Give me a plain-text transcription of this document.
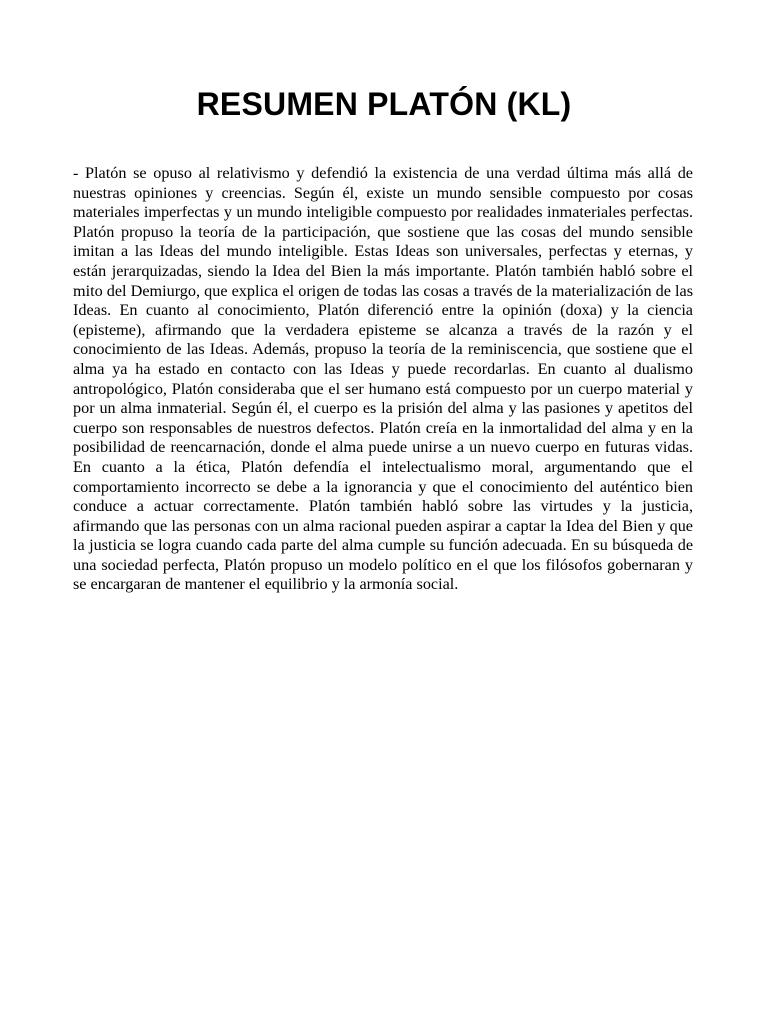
RESUMEN PLATÓN (KL)

- Platón se opuso al relativismo y defendió la existencia de una verdad última más allá de nuestras opiniones y creencias. Según él, existe un mundo sensible compuesto por cosas materiales imperfectas y un mundo inteligible compuesto por realidades inmateriales perfectas. Platón propuso la teoría de la participación, que sostiene que las cosas del mundo sensible imitan a las Ideas del mundo inteligible. Estas Ideas son universales, perfectas y eternas, y están jerarquizadas, siendo la Idea del Bien la más importante. Platón también habló sobre el mito del Demiurgo, que explica el origen de todas las cosas a través de la materialización de las Ideas. En cuanto al conocimiento, Platón diferenció entre la opinión (doxa) y la ciencia (episteme), afirmando que la verdadera episteme se alcanza a través de la razón y el conocimiento de las Ideas. Además, propuso la teoría de la reminiscencia, que sostiene que el alma ya ha estado en contacto con las Ideas y puede recordarlas. En cuanto al dualismo antropológico, Platón consideraba que el ser humano está compuesto por un cuerpo material y por un alma inmaterial. Según él, el cuerpo es la prisión del alma y las pasiones y apetitos del cuerpo son responsables de nuestros defectos. Platón creía en la inmortalidad del alma y en la posibilidad de reencarnación, donde el alma puede unirse a un nuevo cuerpo en futuras vidas. En cuanto a la ética, Platón defendía el intelectualismo moral, argumentando que el comportamiento incorrecto se debe a la ignorancia y que el conocimiento del auténtico bien conduce a actuar correctamente. Platón también habló sobre las virtudes y la justicia, afirmando que las personas con un alma racional pueden aspirar a captar la Idea del Bien y que la justicia se logra cuando cada parte del alma cumple su función adecuada. En su búsqueda de una sociedad perfecta, Platón propuso un modelo político en el que los filósofos gobernaran y se encargaran de mantener el equilibrio y la armonía social.
